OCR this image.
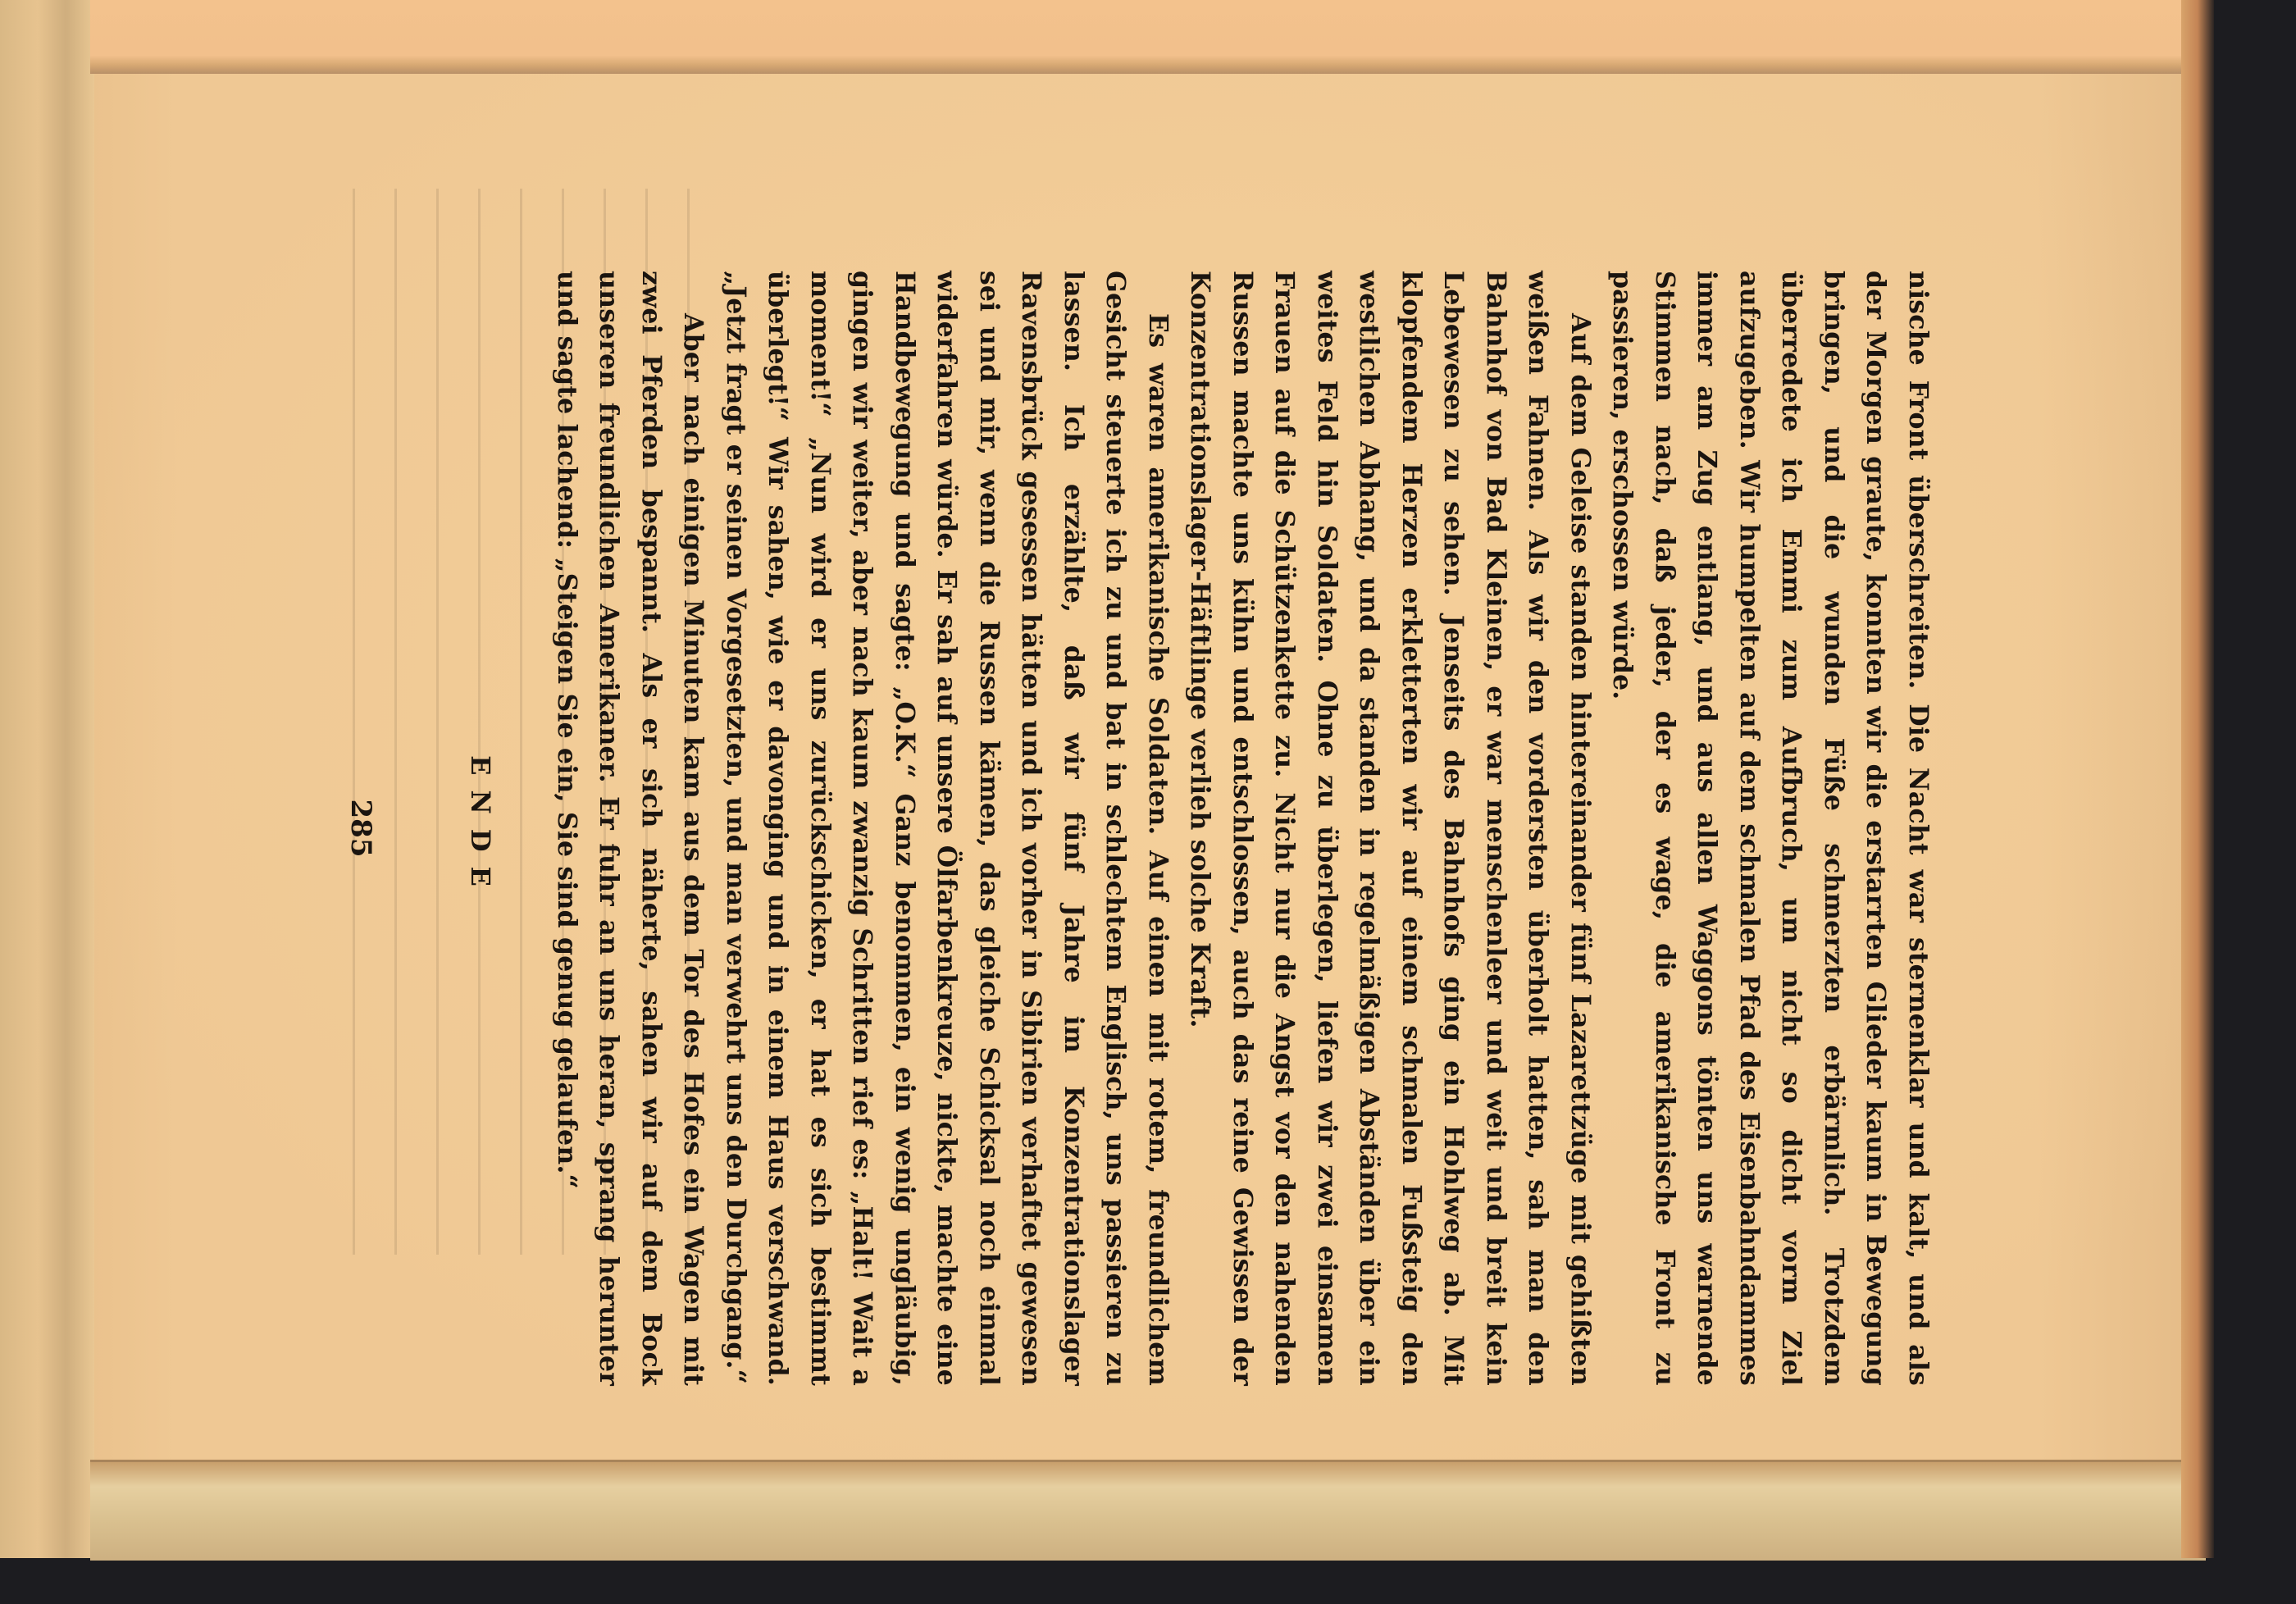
nische Front überschreiten. Die Nacht war sternenklar und kalt, und als der Morgen graute, konnten wir die erstarrten Glieder kaum in Bewegung bringen, und die wunden Füße schmerzten erbärmlich. Trotzdem überredete ich Emmi zum Aufbruch, um nicht so dicht vorm Ziel aufzugeben. Wir humpelten auf dem schmalen Pfad des Eisenbahndammes immer am Zug entlang, und aus allen Waggons tönten uns warnende Stimmen nach, daß jeder, der es wage, die amerikanische Front zu passieren, erschossen würde.

Auf dem Geleise standen hintereinander fünf Lazarettzüge mit gehißten weißen Fahnen. Als wir den vordersten überholt hatten, sah man den Bahnhof von Bad Kleinen, er war menschenleer und weit und breit kein Lebewesen zu sehen. Jenseits des Bahnhofs ging ein Hohlweg ab. Mit klopfendem Herzen erkletterten wir auf einem schmalen Fußsteig den westlichen Abhang, und da standen in regelmäßigen Abständen über ein weites Feld hin Soldaten. Ohne zu überlegen, liefen wir zwei einsamen Frauen auf die Schützenkette zu. Nicht nur die Angst vor den nahenden Russen machte uns kühn und entschlossen, auch das reine Gewissen der Konzentrationslager-Häftlinge verlieh solche Kraft.

Es waren amerikanische Soldaten. Auf einen mit rotem, freundlichem Gesicht steuerte ich zu und bat in schlechtem Englisch, uns passieren zu lassen. Ich erzählte, daß wir fünf Jahre im Konzentrationslager Ravensbrück gesessen hätten und ich vorher in Sibirien verhaftet gewesen sei und mir, wenn die Russen kämen, das gleiche Schicksal noch einmal widerfahren würde. Er sah auf unsere Ölfarbenkreuze, nickte, machte eine Handbewegung und sagte: „O.K.“ Ganz benommen, ein wenig ungläubig, gingen wir weiter, aber nach kaum zwanzig Schritten rief es: „Halt! Wait a moment!“ „Nun wird er uns zurückschicken, er hat es sich bestimmt überlegt!“ Wir sahen, wie er davonging und in einem Haus verschwand. „Jetzt fragt er seinen Vorgesetzten, und man verwehrt uns den Durchgang.“

Aber nach einigen Minuten kam aus dem Tor des Hofes ein Wagen mit zwei Pferden bespannt. Als er sich näherte, sahen wir auf dem Bock unseren freundlichen Amerikaner. Er fuhr an uns heran, sprang herunter und sagte lachend: „Steigen Sie ein, Sie sind genug gelaufen.“

ENDE

285
